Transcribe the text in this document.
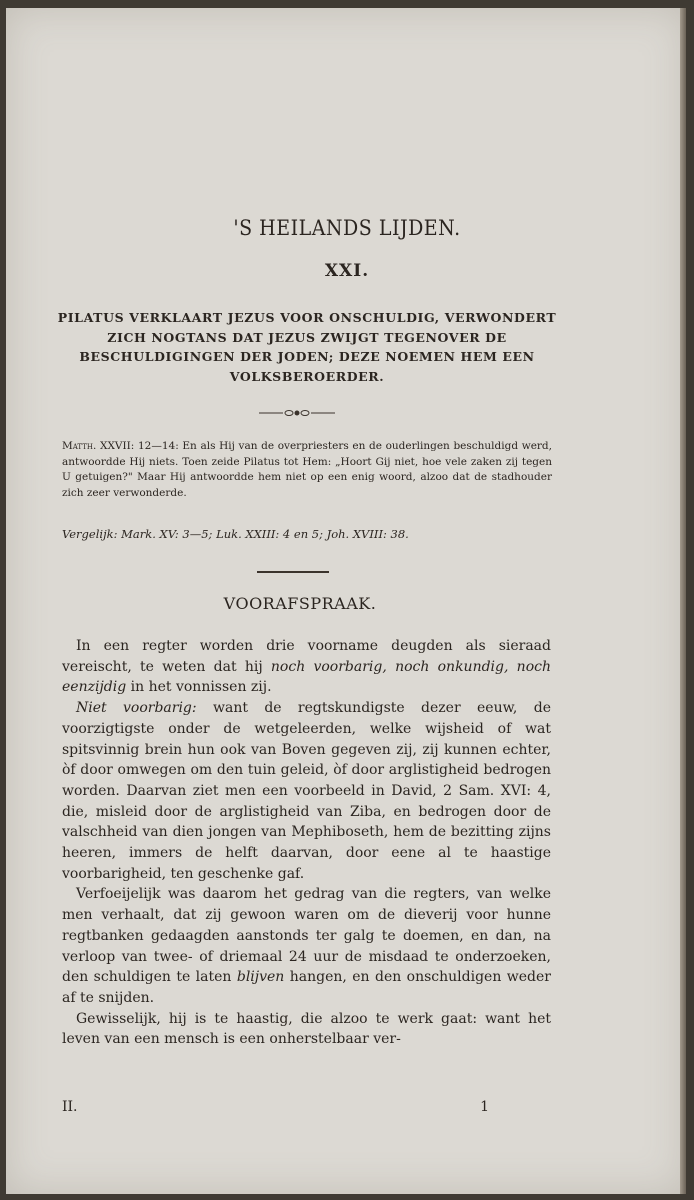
'S HEILANDS LIJDEN.
XXI.
PILATUS VERKLAART JEZUS VOOR ONSCHULDIG, VERWONDERT ZICH NOGTANS DAT JEZUS ZWIJGT TEGENOVER DE BESCHULDIGINGEN DER JODEN; DEZE NOEMEN HEM EEN VOLKSBEROERDER.
Matth. XXVII: 12—14: En als Hij van de overpriesters en de ouderlingen beschuldigd werd, antwoordde Hij niets. Toen zeide Pilatus tot Hem: „Hoort Gij niet, hoe vele zaken zij tegen U getuigen?" Maar Hij antwoordde hem niet op een enig woord, alzoo dat de stadhouder zich zeer verwonderde.
Vergelijk: Mark. XV: 3—5; Luk. XXIII: 4 en 5; Joh. XVIII: 38.
VOORAFSPRAAK.

 In een regter worden drie voorname deugden als sieraad vereischt, te weten dat hij noch voorbarig, noch onkundig, noch eenzijdig in het vonnissen zij.

 Niet voorbarig: want de regtskundigste dezer eeuw, de voorzigtigste onder de wetgeleerden, welke wijsheid of wat spitsvinnig brein hun ook van Boven gegeven zij, zij kunnen echter, òf door omwegen om den tuin geleid, òf door arglistigheid bedrogen worden. Daarvan ziet men een voorbeeld in David, 2 Sam. XVI: 4, die, misleid door de arglistigheid van Ziba, en bedrogen door de valschheid van dien jongen van Mephiboseth, hem de bezitting zijns heeren, immers de helft daarvan, door eene al te haastige voorbarigheid, ten geschenke gaf.

 Verfoeijelijk was daarom het gedrag van die regters, van welke men verhaalt, dat zij gewoon waren om de dieverij voor hunne regtbanken gedaagden aanstonds ter galg te doemen, en dan, na verloop van twee- of driemaal 24 uur de misdaad te onderzoeken, den schuldigen te laten blijven hangen, en den onschuldigen weder af te snijden.

 Gewisselijk, hij is te haastig, die alzoo te werk gaat: want het leven van een mensch is een onherstelbaar ver-

II.	1
